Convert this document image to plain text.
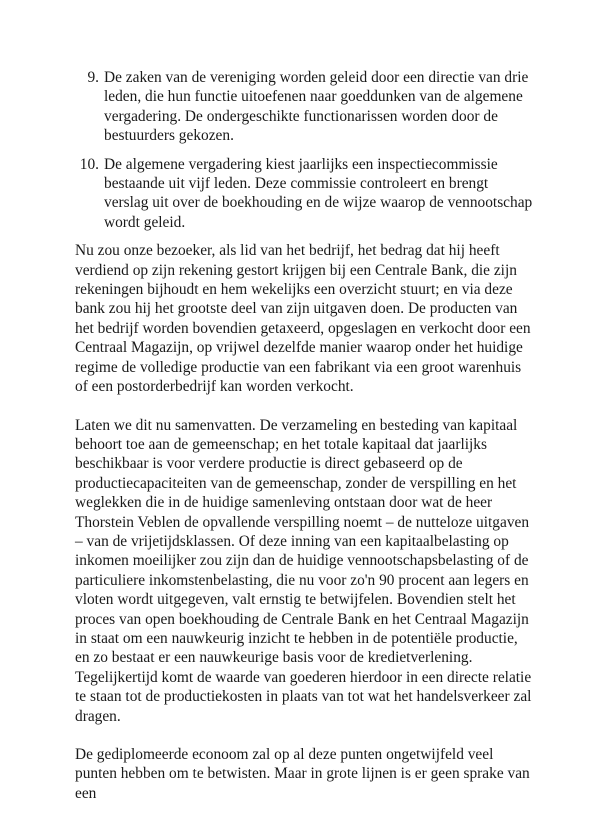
9. De zaken van de vereniging worden geleid door een directie van drie leden, die hun functie uitoefenen naar goeddunken van de algemene vergadering. De ondergeschikte functionarissen worden door de bestuurders gekozen.
10. De algemene vergadering kiest jaarlijks een inspectiecommissie bestaande uit vijf leden. Deze commissie controleert en brengt verslag uit over de boekhouding en de wijze waarop de vennootschap wordt geleid.

Nu zou onze bezoeker, als lid van het bedrijf, het bedrag dat hij heeft verdiend op zijn rekening gestort krijgen bij een Centrale Bank, die zijn rekeningen bijhoudt en hem wekelijks een overzicht stuurt; en via deze bank zou hij het grootste deel van zijn uitgaven doen. De producten van het bedrijf worden bovendien getaxeerd, opgeslagen en verkocht door een Centraal Magazijn, op vrijwel dezelfde manier waarop onder het huidige regime de volledige productie van een fabrikant via een groot warenhuis of een postorderbedrijf kan worden verkocht.

Laten we dit nu samenvatten. De verzameling en besteding van kapitaal behoort toe aan de gemeenschap; en het totale kapitaal dat jaarlijks beschikbaar is voor verdere productie is direct gebaseerd op de productiecapaciteiten van de gemeenschap, zonder de verspilling en het weglekken die in de huidige samenleving ontstaan door wat de heer Thorstein Veblen de opvallende verspilling noemt – de nutteloze uitgaven – van de vrijetijdsklassen. Of deze inning van een kapitaalbelasting op inkomen moeilijker zou zijn dan de huidige vennootschapsbelasting of de particuliere inkomstenbelasting, die nu voor zo'n 90 procent aan legers en vloten wordt uitgegeven, valt ernstig te betwijfelen. Bovendien stelt het proces van open boekhouding de Centrale Bank en het Centraal Magazijn in staat om een nauwkeurig inzicht te hebben in de potentiële productie, en zo bestaat er een nauwkeurige basis voor de kredietverlening. Tegelijkertijd komt de waarde van goederen hierdoor in een directe relatie te staan tot de productiekosten in plaats van tot wat het handelsverkeer zal dragen.

De gediplomeerde econoom zal op al deze punten ongetwijfeld veel punten hebben om te betwisten. Maar in grote lijnen is er geen sprake van een
